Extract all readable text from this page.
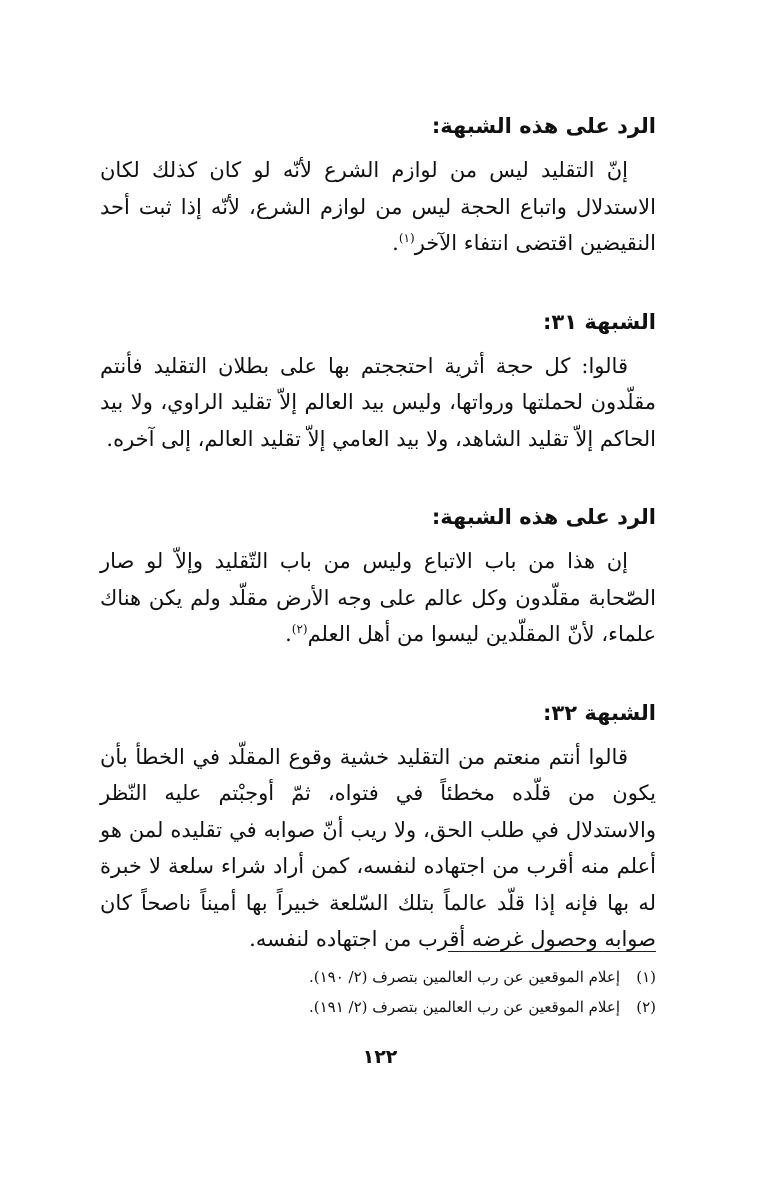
الرد على هذه الشبهة:

إنّ التقليد ليس من لوازم الشرع لأنّه لو كان كذلك لكان الاستدلال واتباع الحجة ليس من لوازم الشرع، لأنّه إذا ثبت أحد النقيضين اقتضى انتفاء الآخر$^{(١)}$.

الشبهة ٣١:

قالوا: كل حجة أثرية احتججتم بها على بطلان التقليد فأنتم مقلّدون لحملتها ورواتها، وليس بيد العالم إلاّ تقليد الراوي، ولا بيد الحاكم إلاّ تقليد الشاهد، ولا بيد العامي إلاّ تقليد العالم، إلى آخره.

الرد على هذه الشبهة:

إن هذا من باب الاتباع وليس من باب التّقليد وإلاّ لو صار الصّحابة مقلّدون وكل عالم على وجه الأرض مقلّد ولم يكن هناك علماء، لأنّ المقلّدين ليسوا من أهل العلم$^{(٢)}$.

الشبهة ٣٢:

قالوا أنتم منعتم من التقليد خشية وقوع المقلّد في الخطأ بأن يكون من قلّده مخطئاً في فتواه، ثمّ أوجبْتم عليه النّظر والاستدلال في طلب الحق، ولا ريب أنّ صوابه في تقليده لمن هو أعلم منه أقرب من اجتهاده لنفسه، كمن أراد شراء سلعة لا خبرة له بها فإنه إذا قلّد عالماً بتلك السّلعة خبيراً بها أميناً ناصحاً كان صوابه وحصول غرضه أقرب من اجتهاده لنفسه.

(١)
إعلام الموقعين عن رب العالمين بتصرف (٢/ ١٩٠).
(٢)
إعلام الموقعين عن رب العالمين بتصرف (٢/ ١٩١).
١٢٢
